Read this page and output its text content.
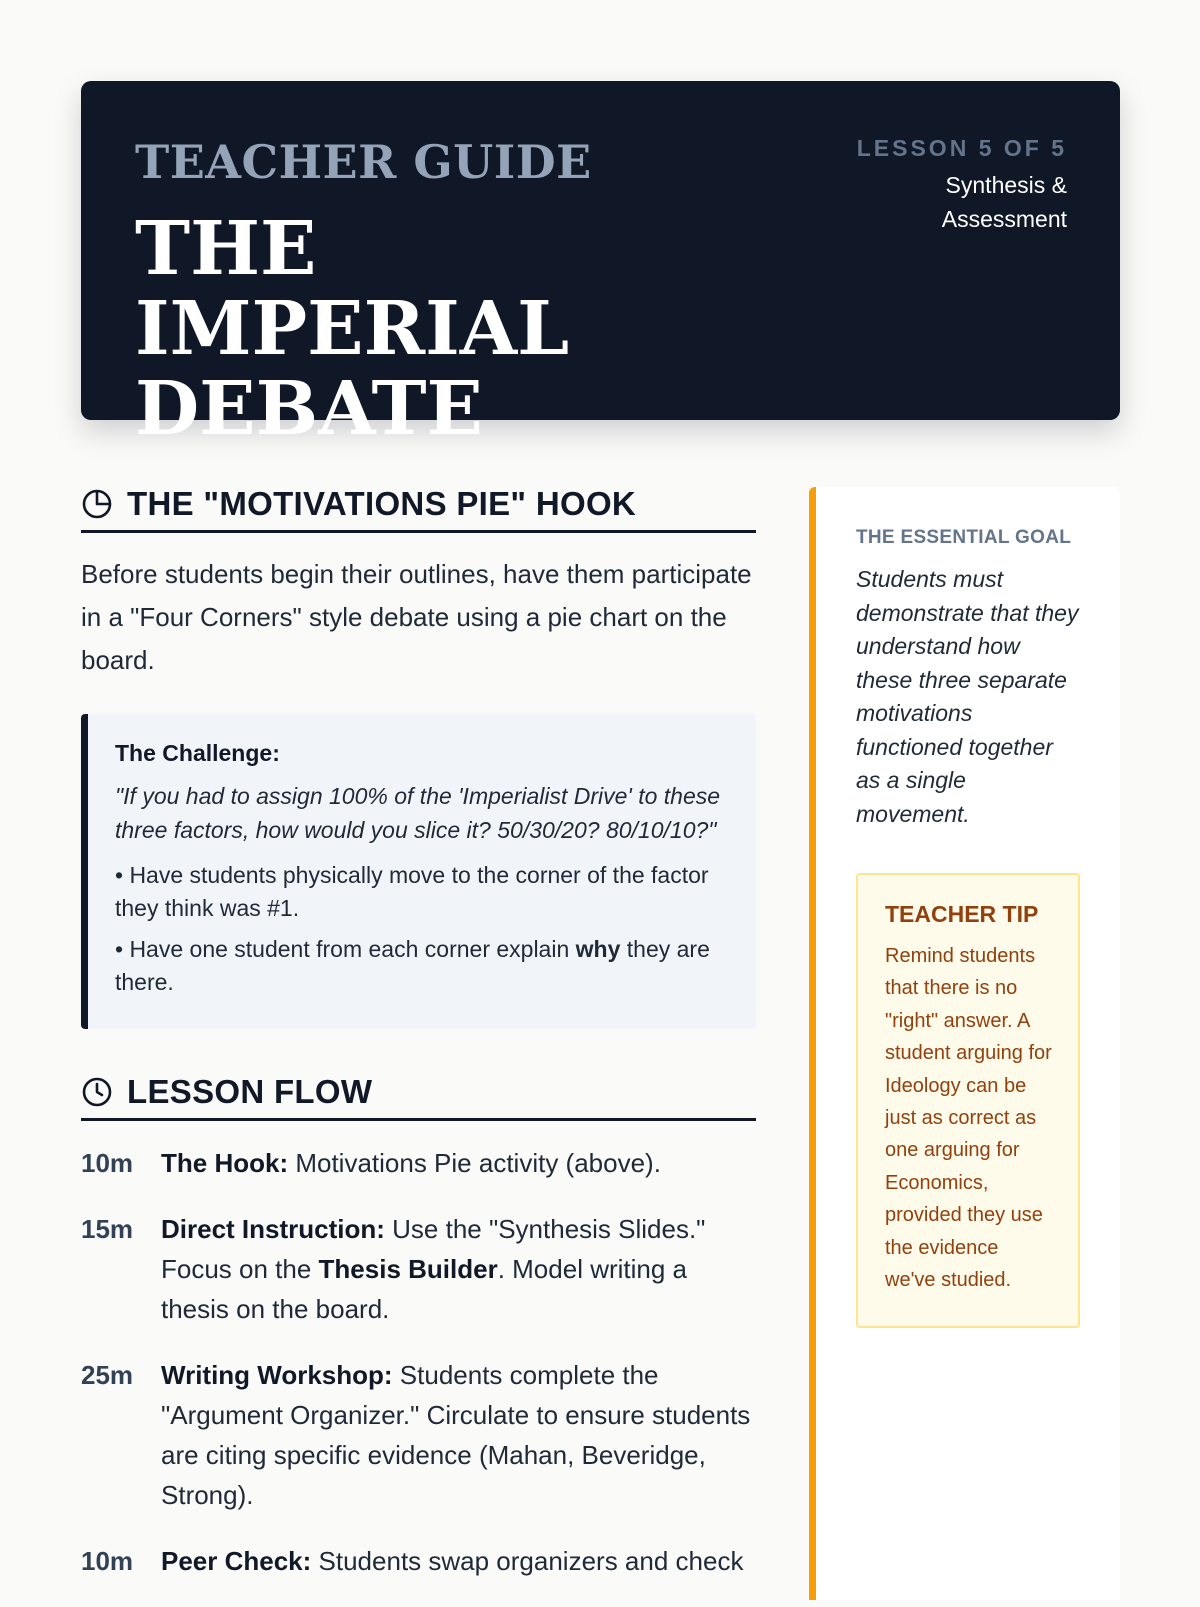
TEACHER GUIDE
THE IMPERIAL DEBATE
LESSON 5 OF 5
Synthesis & Assessment
THE "MOTIVATIONS PIE" HOOK

Before students begin their outlines, have them participate in a "Four Corners" style debate using a pie chart on the board.

The Challenge:

"If you had to assign 100% of the 'Imperialist Drive' to these three factors, how would you slice it? 50/30/20? 80/10/10?"

• Have students physically move to the corner of the factor they think was #1.

• Have one student from each corner explain why they are there.

LESSON FLOW
10m	The Hook: Motivations Pie activity (above).
15m	Direct Instruction: Use the "Synthesis Slides." Focus on the Thesis Builder. Model writing a thesis on the board.
25m	Writing Workshop: Students complete the "Argument Organizer." Circulate to ensure students are citing specific evidence (Mahan, Beveridge, Strong).
10m	Peer Check: Students swap organizers and check

THE ESSENTIAL GOAL

Students must demonstrate that they understand how these three separate motivations functioned together as a single movement.

TEACHER TIP

Remind students that there is no "right" answer. A student arguing for Ideology can be just as correct as one arguing for Economics, provided they use the evidence we've studied.
